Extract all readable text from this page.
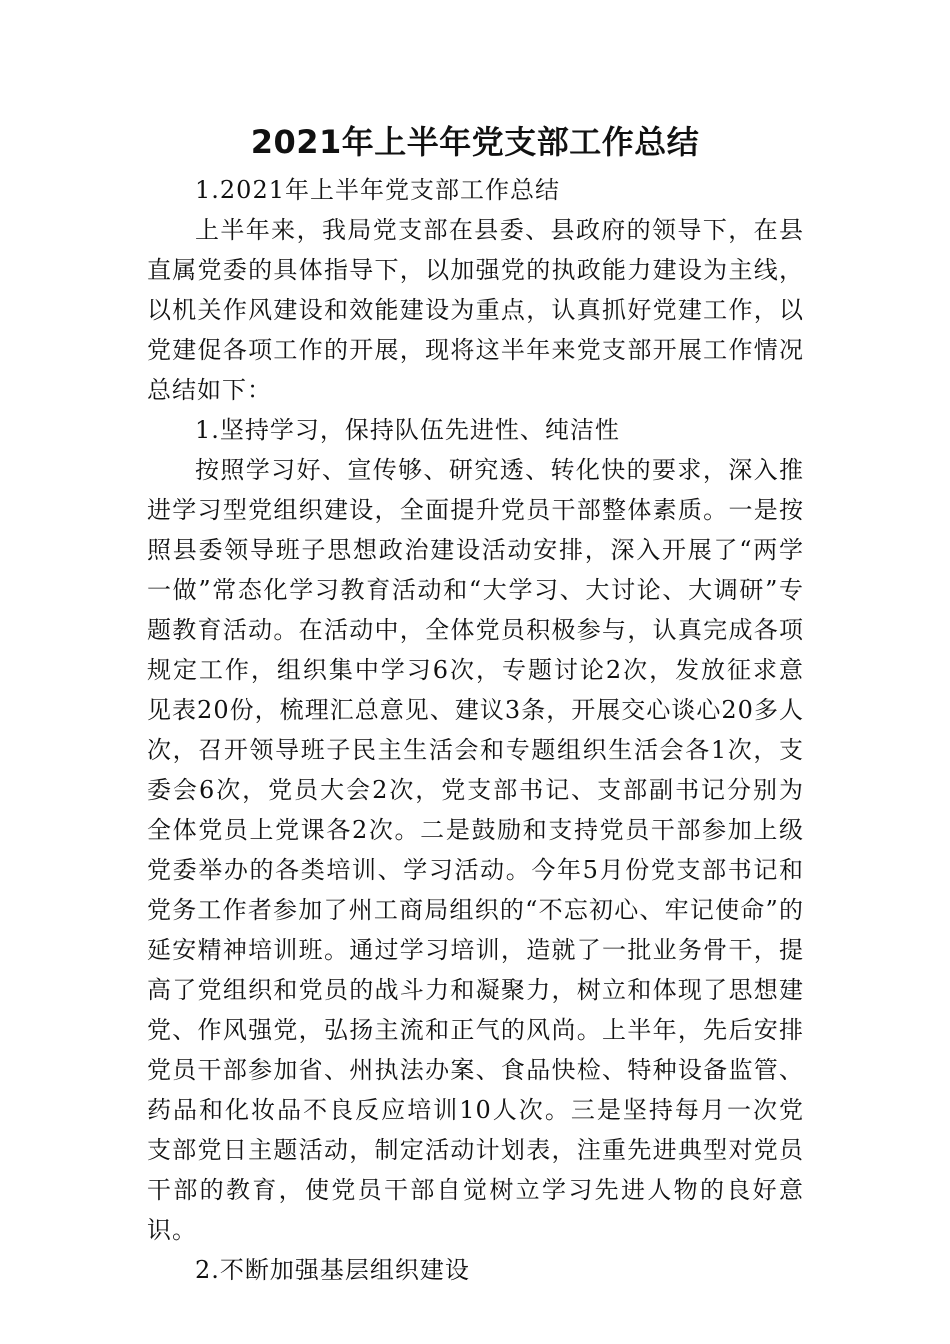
2021年上半年党支部工作总结

1.2021年上半年党支部工作总结

上半年来，我局党支部在县委、县政府的领导下，在县直属党委的具体指导下，以加强党的执政能力建设为主线，以机关作风建设和效能建设为重点，认真抓好党建工作，以党建促各项工作的开展，现将这半年来党支部开展工作情况总结如下：

1.坚持学习，保持队伍先进性、纯洁性

按照学习好、宣传够、研究透、转化快的要求，深入推进学习型党组织建设，全面提升党员干部整体素质。一是按照县委领导班子思想政治建设活动安排，深入开展了“两学一做”常态化学习教育活动和“大学习、大讨论、大调研”专题教育活动。在活动中，全体党员积极参与，认真完成各项规定工作，组织集中学习6次，专题讨论2次，发放征求意见表20份，梳理汇总意见、建议3条，开展交心谈心20多人次，召开领导班子民主生活会和专题组织生活会各1次，支委会6次，党员大会2次，党支部书记、支部副书记分别为全体党员上党课各2次。二是鼓励和支持党员干部参加上级党委举办的各类培训、学习活动。今年5月份党支部书记和党务工作者参加了州工商局组织的“不忘初心、牢记使命”的延安精神培训班。通过学习培训，造就了一批业务骨干，提高了党组织和党员的战斗力和凝聚力，树立和体现了思想建党、作风强党，弘扬主流和正气的风尚。上半年，先后安排党员干部参加省、州执法办案、食品快检、特种设备监管、药品和化妆品不良反应培训10人次。三是坚持每月一次党支部党日主题活动，制定活动计划表，注重先进典型对党员干部的教育，使党员干部自觉树立学习先进人物的良好意识。

2.不断加强基层组织建设
